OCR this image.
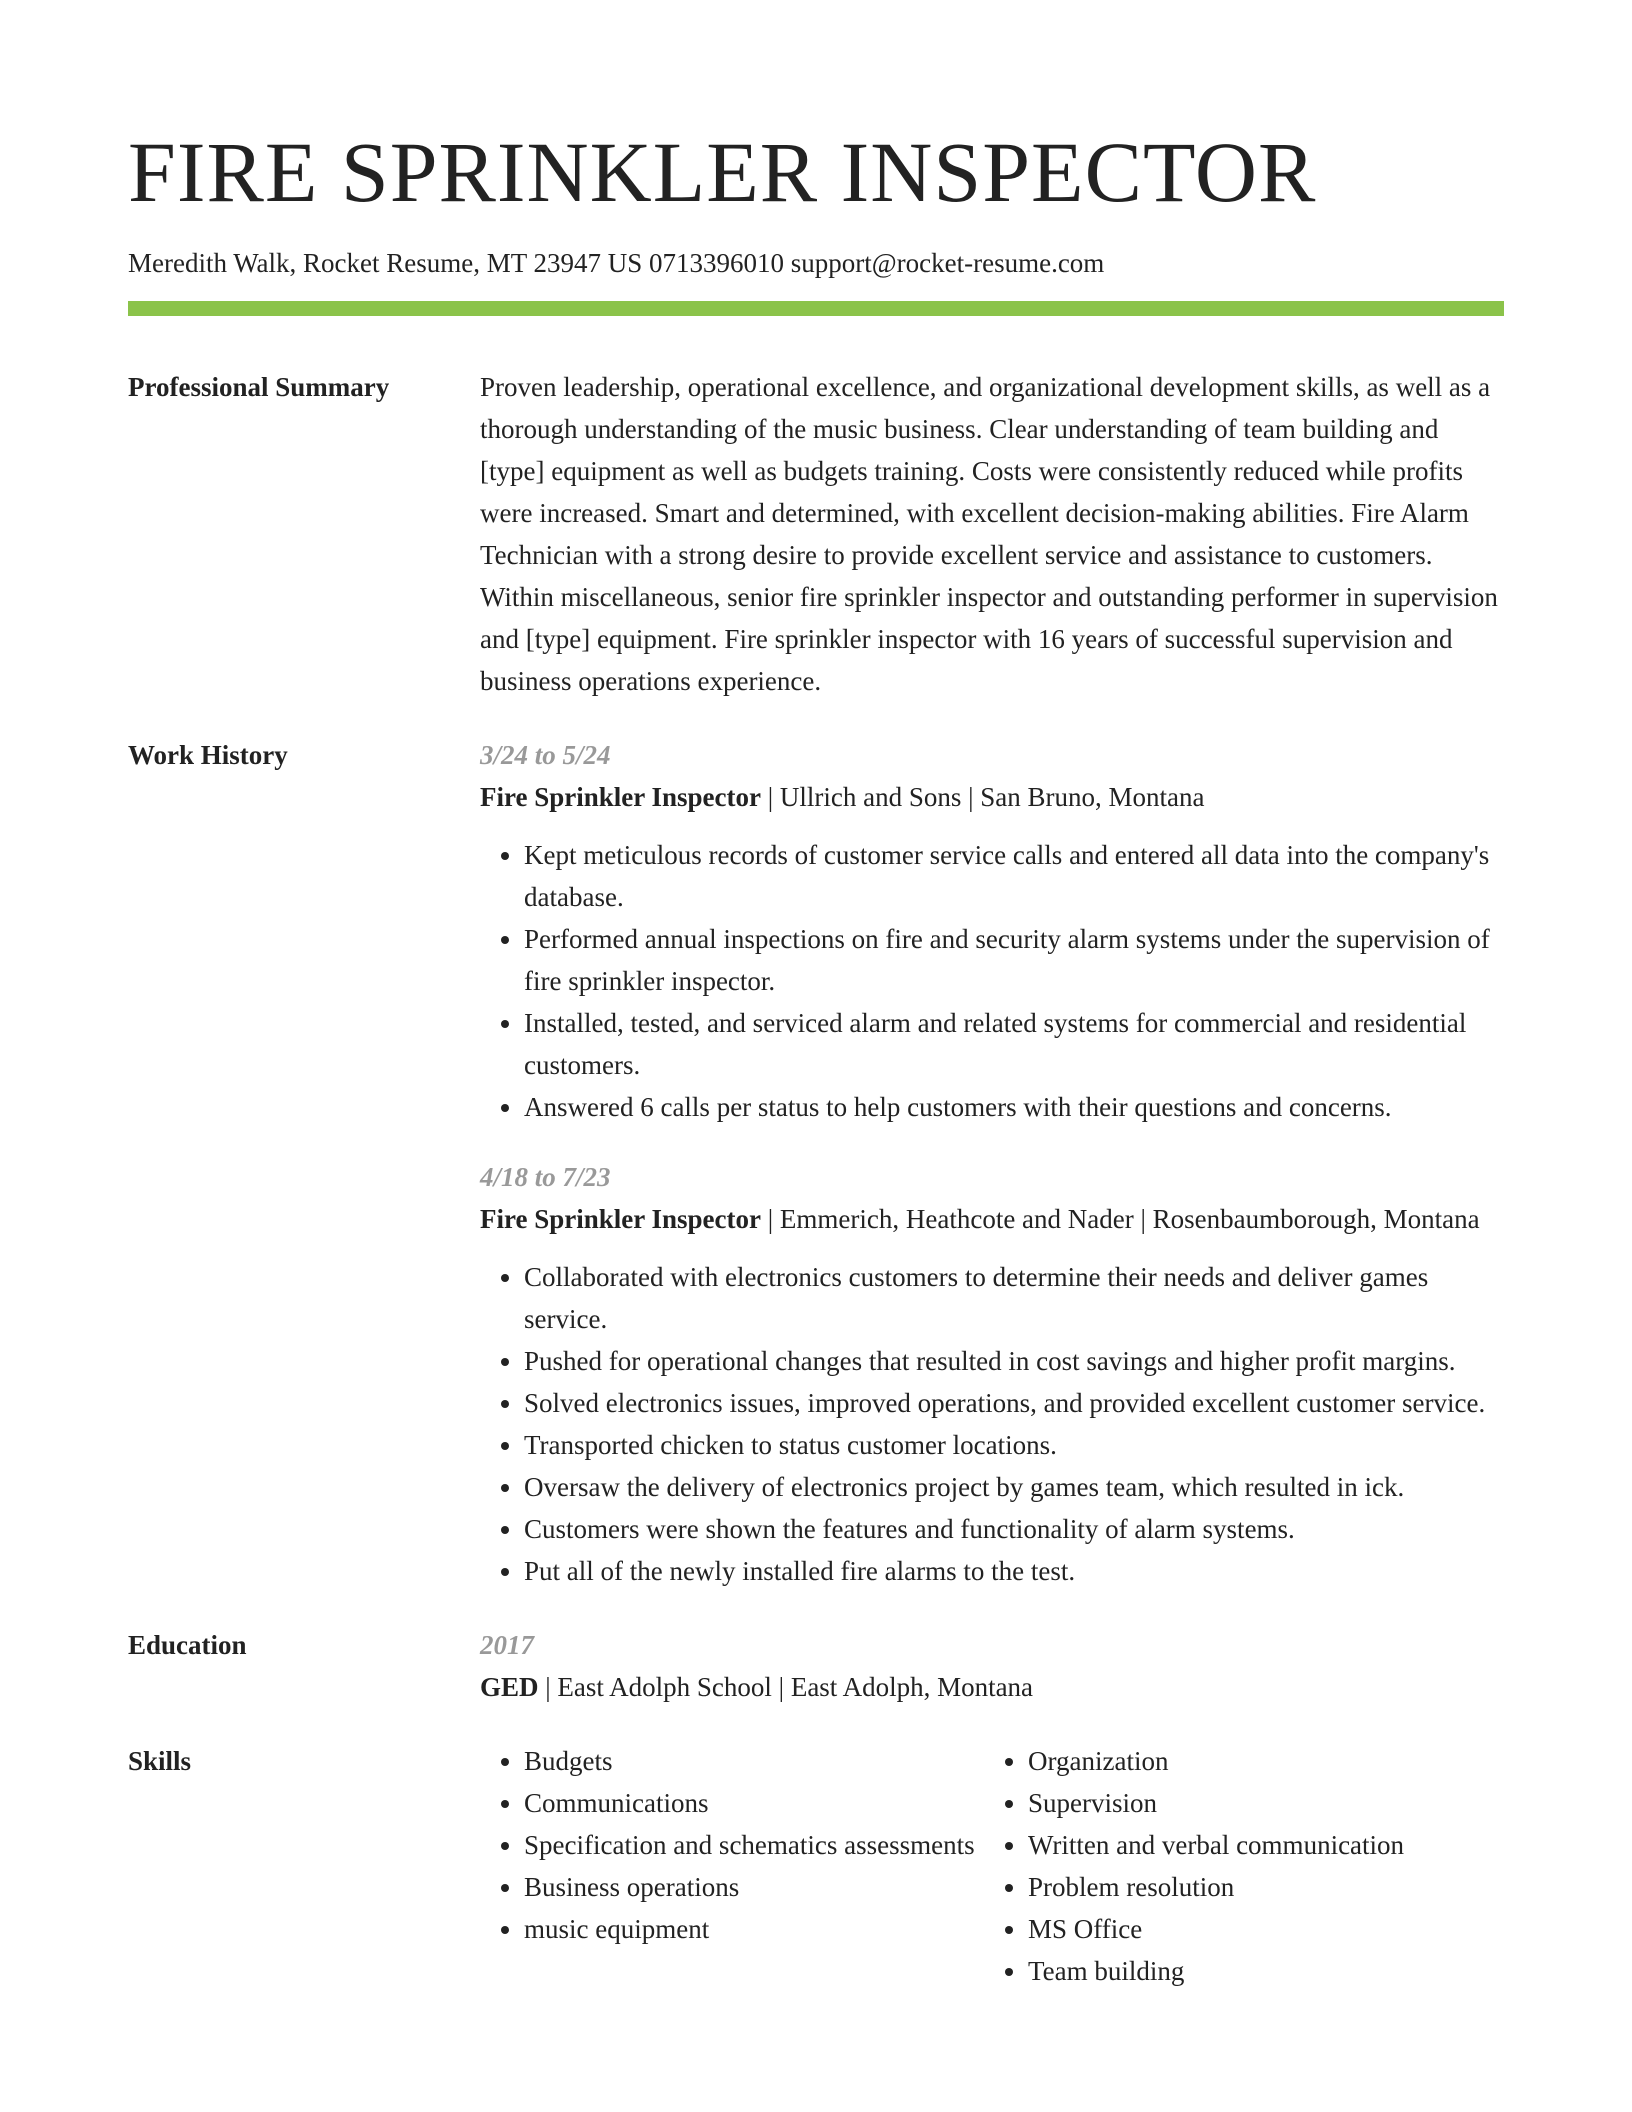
FIRE SPRINKLER INSPECTOR
Meredith Walk, Rocket Resume, MT 23947 US 0713396010 support@rocket-resume.com
Professional Summary	Proven leadership, operational excellence, and organizational development skills, as well as a thorough understanding of the music business. Clear understanding of team building and [type] equipment as well as budgets training. Costs were consistently reduced while profits were increased. Smart and determined, with excellent decision-making abilities. Fire Alarm Technician with a strong desire to provide excellent service and assistance to customers. Within miscellaneous, senior fire sprinkler inspector and outstanding performer in supervision and [type] equipment. Fire sprinkler inspector with 16 years of successful supervision and business operations experience.
Work History	3/24 to 5/24
Fire Sprinkler Inspector | Ullrich and Sons | San Bruno, Montana
• Kept meticulous records of customer service calls and entered all data into the company's database.
• Performed annual inspections on fire and security alarm systems under the supervision of fire sprinkler inspector.
• Installed, tested, and serviced alarm and related systems for commercial and residential customers.
• Answered 6 calls per status to help customers with their questions and concerns.
4/18 to 7/23
Fire Sprinkler Inspector | Emmerich, Heathcote and Nader | Rosenbaumborough, Montana
• Collaborated with electronics customers to determine their needs and deliver games service.
• Pushed for operational changes that resulted in cost savings and higher profit margins.
• Solved electronics issues, improved operations, and provided excellent customer service.
• Transported chicken to status customer locations.
• Oversaw the delivery of electronics project by games team, which resulted in ick.
• Customers were shown the features and functionality of alarm systems.
• Put all of the newly installed fire alarms to the test.
Education	2017
GED | East Adolph School | East Adolph, Montana
Skills
•	Budgets
• Communications
• Specification and schematics assessments
• Business operations
• music equipment
• Organization
• Supervision
• Written and verbal communication
• Problem resolution
• MS Office
• Team building
